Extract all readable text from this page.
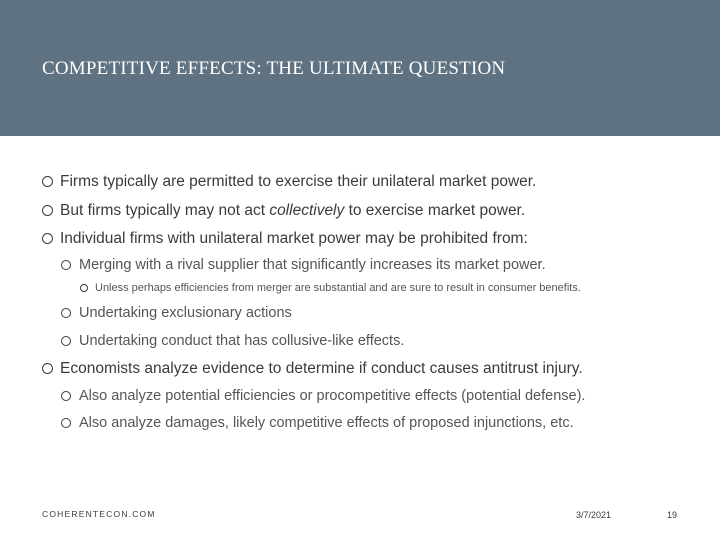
COMPETITIVE EFFECTS: THE ULTIMATE QUESTION
Firms typically are permitted to exercise their unilateral market power.
But firms typically may not act collectively to exercise market power.
Individual firms with unilateral market power may be prohibited from:
Merging with a rival supplier that significantly increases its market power.
Unless perhaps efficiencies from merger are substantial and are sure to result in consumer benefits.
Undertaking exclusionary actions
Undertaking conduct that has collusive-like effects.
Economists analyze evidence to determine if conduct causes antitrust injury.
Also analyze potential efficiencies or procompetitive effects (potential defense).
Also analyze damages, likely competitive effects of proposed injunctions, etc.
COHERENTECON.COM	3/7/2021	19
